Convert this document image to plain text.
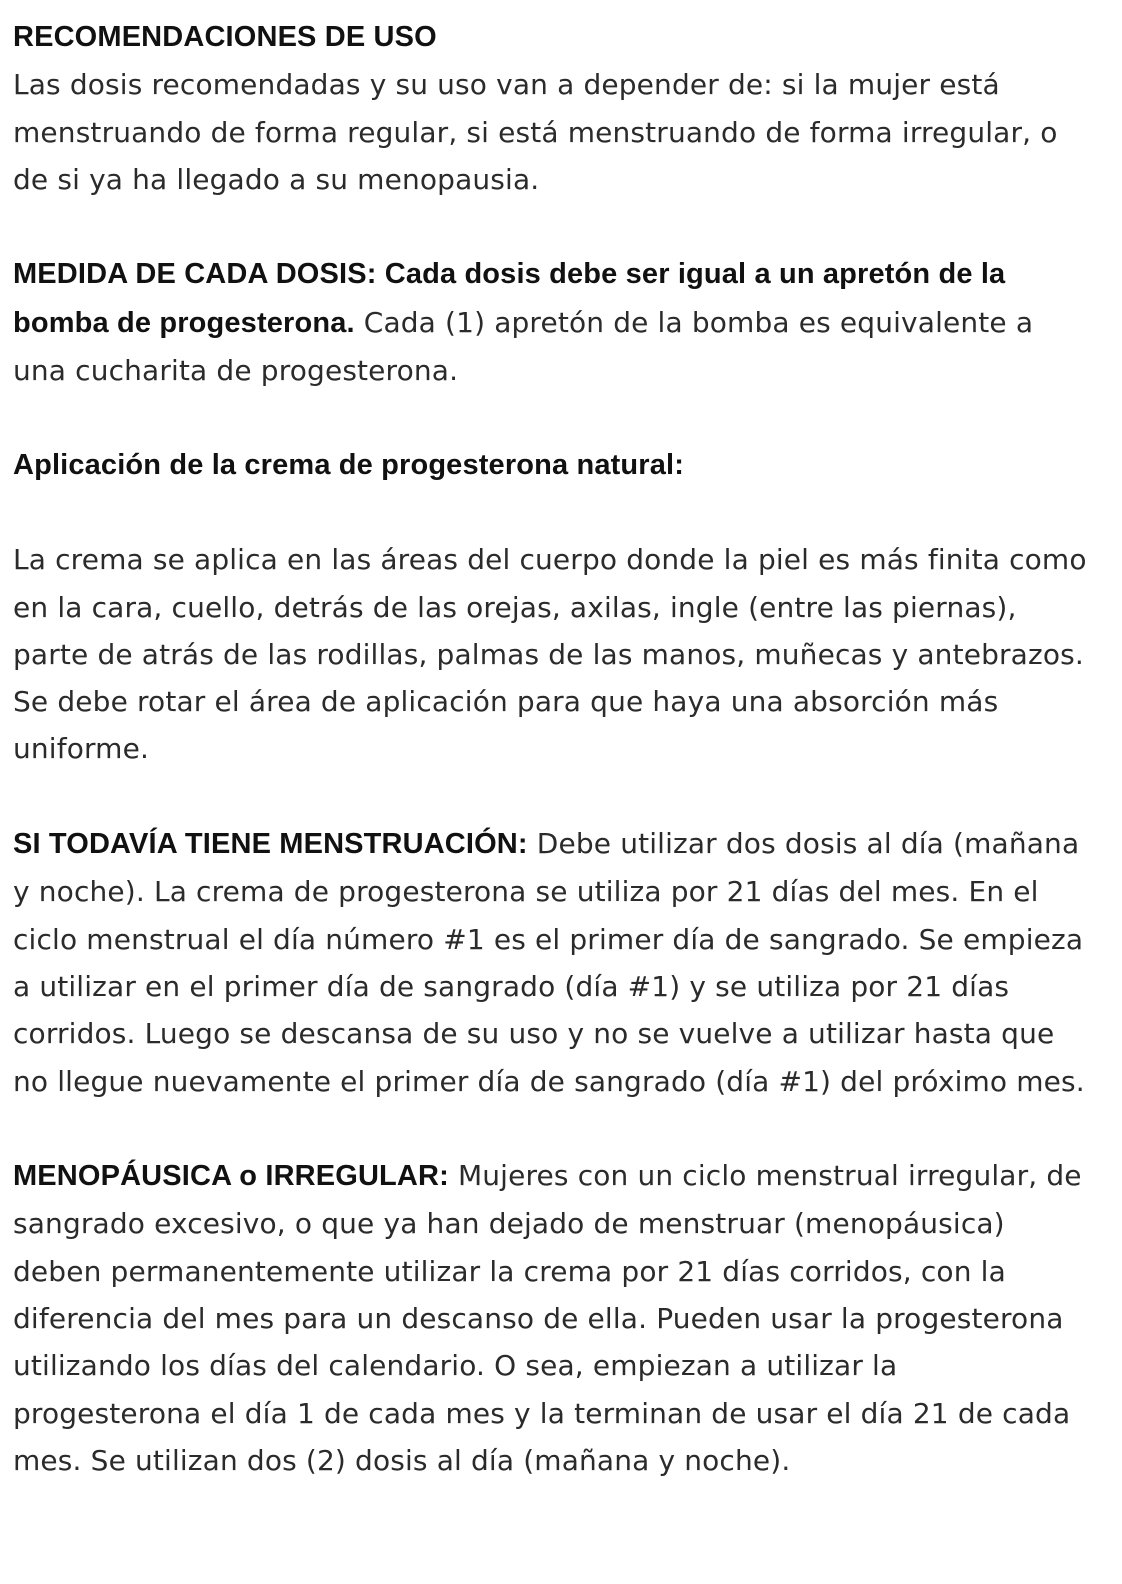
RECOMENDACIONES DE USO

Las dosis recomendadas y su uso van a depender de: si la mujer está menstruando de forma regular, si está menstruando de forma irregular, o de si ya ha llegado a su menopausia.

MEDIDA DE CADA DOSIS: Cada dosis debe ser igual a un apretón de la bomba de progesterona. Cada (1) apretón de la bomba es equivalente a una cucharita de progesterona.

Aplicación de la crema de progesterona natural:

La crema se aplica en las áreas del cuerpo donde la piel es más finita como en la cara, cuello, detrás de las orejas, axilas, ingle (entre las piernas), parte de atrás de las rodillas, palmas de las manos, muñecas y antebrazos. Se debe rotar el área de aplicación para que haya una absorción más uniforme.

SI TODAVÍA TIENE MENSTRUACIÓN: Debe utilizar dos dosis al día (mañana y noche). La crema de progesterona se utiliza por 21 días del mes. En el ciclo menstrual el día número #1 es el primer día de sangrado. Se empieza a utilizar en el primer día de sangrado (día #1) y se utiliza por 21 días corridos. Luego se descansa de su uso y no se vuelve a utilizar hasta que no llegue nuevamente el primer día de sangrado (día #1) del próximo mes.

MENOPÁUSICA o IRREGULAR: Mujeres con un ciclo menstrual irregular, de sangrado excesivo, o que ya han dejado de menstruar (menopáusica) deben permanentemente utilizar la crema por 21 días corridos, con la diferencia del mes para un descanso de ella. Pueden usar la progesterona utilizando los días del calendario. O sea, empiezan a utilizar la progesterona el día 1 de cada mes y la terminan de usar el día 21 de cada mes. Se utilizan dos (2) dosis al día (mañana y noche).
